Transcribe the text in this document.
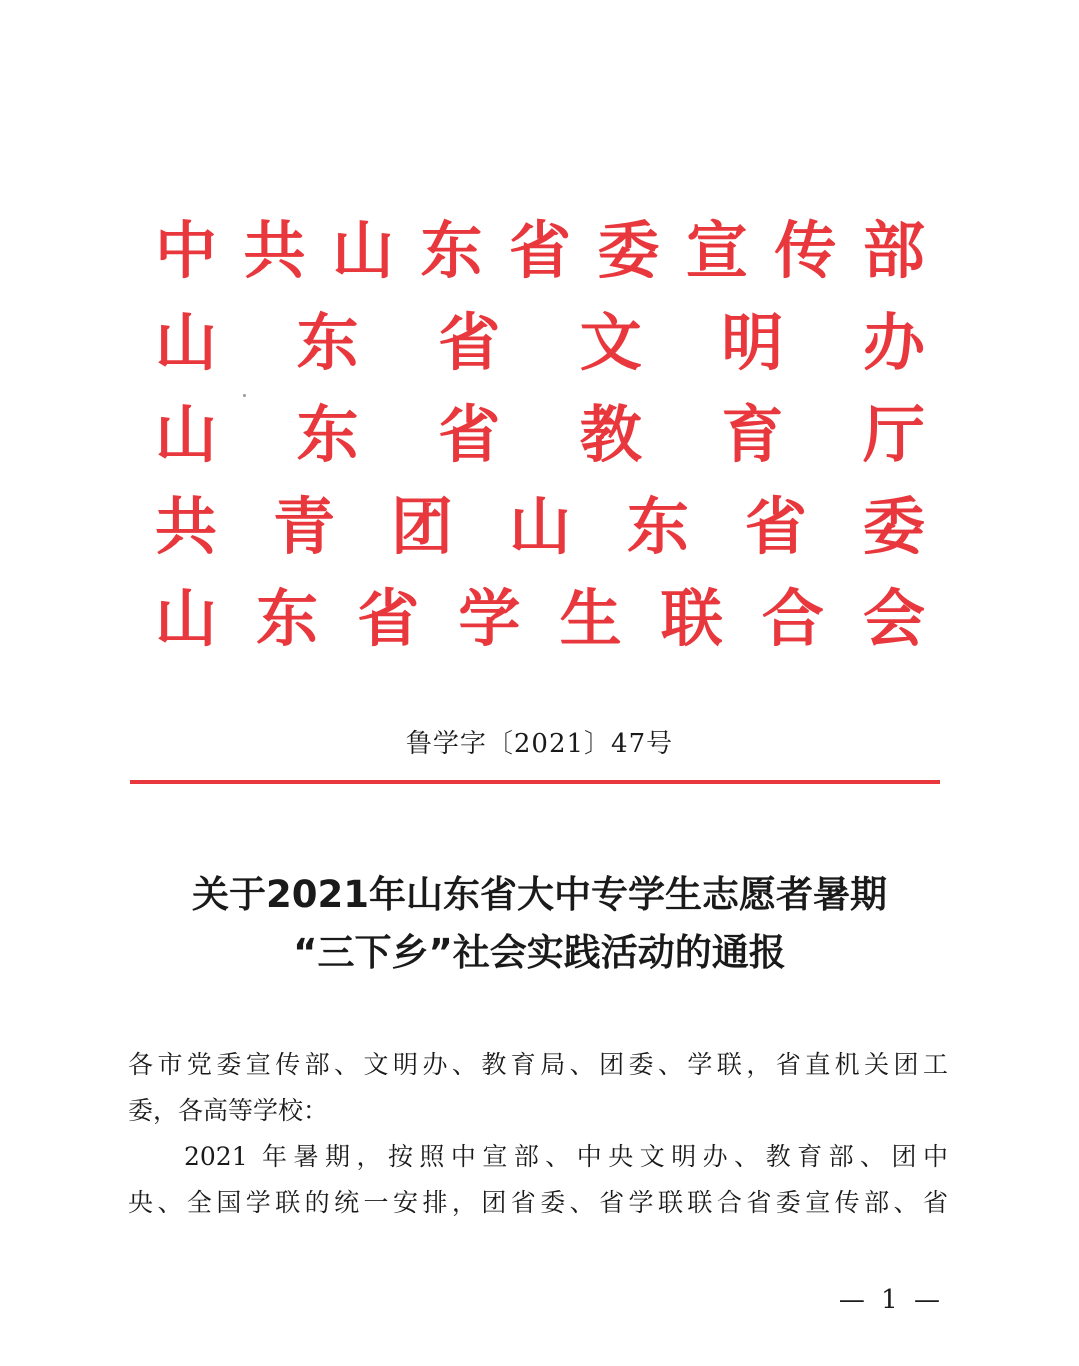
中 共 山 东 省 委 宣 传 部
山 东 省 文 明 办
山 东 省 教 育 厅
共 青 团 山 东 省 委
山 东 省 学 生 联 合 会
鲁学字〔2021〕47号
关于2021年山东省大中专学生志愿者暑期
“三下乡”社会实践活动的通报

各市党委宣传部、文明办、教育局、团委、学联，省直机关团工

委，各高等学校：

2021 年暑期，按照中宣部、中央文明办、教育部、团中

央、全国学联的统一安排，团省委、省学联联合省委宣传部、省

— 1 —
